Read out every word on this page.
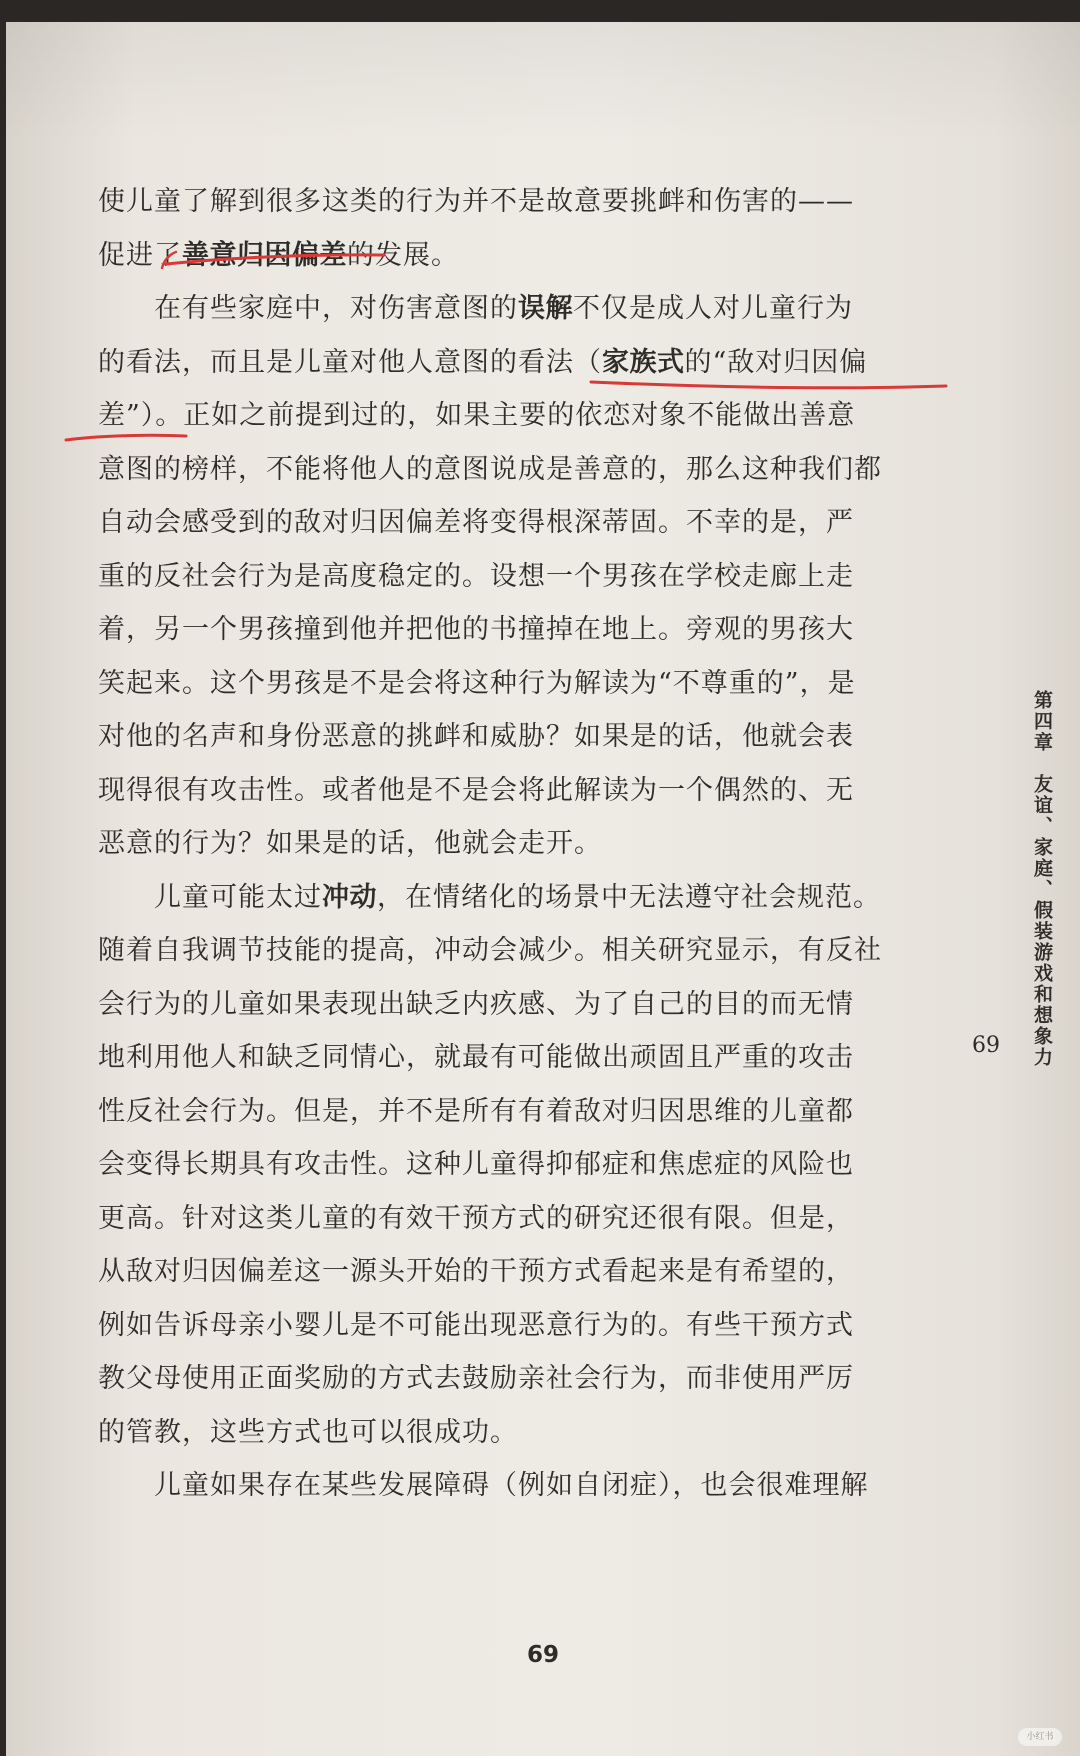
使儿童了解到很多这类的行为并不是故意要挑衅和伤害的——
促进了善意归因偏差的发展。
　　在有些家庭中，对伤害意图的误解不仅是成人对儿童行为
的看法，而且是儿童对他人意图的看法（家族式的“敌对归因偏
差”）。正如之前提到过的，如果主要的依恋对象不能做出善意
意图的榜样，不能将他人的意图说成是善意的，那么这种我们都
自动会感受到的敌对归因偏差将变得根深蒂固。不幸的是，严
重的反社会行为是高度稳定的。设想一个男孩在学校走廊上走
着，另一个男孩撞到他并把他的书撞掉在地上。旁观的男孩大
笑起来。这个男孩是不是会将这种行为解读为“不尊重的”，是
对他的名声和身份恶意的挑衅和威胁？如果是的话，他就会表
现得很有攻击性。或者他是不是会将此解读为一个偶然的、无
恶意的行为？如果是的话，他就会走开。
　　儿童可能太过冲动，在情绪化的场景中无法遵守社会规范。
随着自我调节技能的提高，冲动会减少。相关研究显示，有反社
会行为的儿童如果表现出缺乏内疚感、为了自己的目的而无情
地利用他人和缺乏同情心，就最有可能做出顽固且严重的攻击
性反社会行为。但是，并不是所有有着敌对归因思维的儿童都
会变得长期具有攻击性。这种儿童得抑郁症和焦虑症的风险也
更高。针对这类儿童的有效干预方式的研究还很有限。但是，
从敌对归因偏差这一源头开始的干预方式看起来是有希望的，
例如告诉母亲小婴儿是不可能出现恶意行为的。有些干预方式
教父母使用正面奖励的方式去鼓励亲社会行为，而非使用严厉
的管教，这些方式也可以很成功。
　　儿童如果存在某些发展障碍（例如自闭症），也会很难理解
第四章　友谊、家庭、假装游戏和想象力
69
69
小红书
